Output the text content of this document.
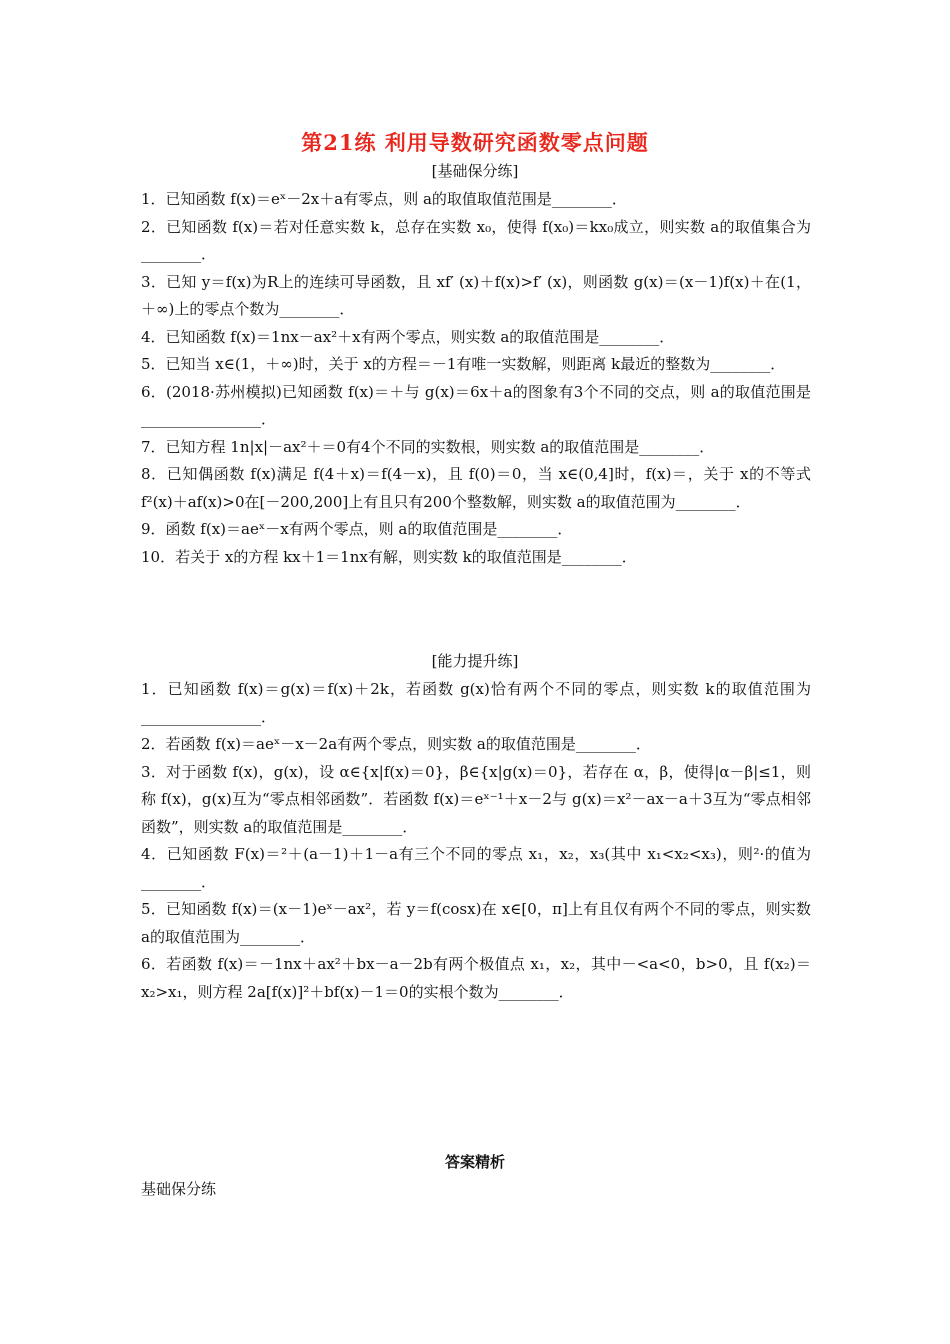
第21练 利用导数研究函数零点问题
[基础保分练]

1．已知函数 f(x)＝eˣ－2x＋a有零点，则 a的取值取值范围是________．

2．已知函数 f(x)＝若对任意实数 k，总存在实数 x₀，使得 f(x₀)＝kx₀成立，则实数 a的取值集合为________．

3．已知 y＝f(x)为R上的连续可导函数，且 xf′ (x)＋f(x)>f′ (x)，则函数 g(x)＝(x－1)f(x)＋在(1，＋∞)上的零点个数为________．

4．已知函数 f(x)＝1nx－ax²＋x有两个零点，则实数 a的取值范围是________．

5．已知当 x∈(1，＋∞)时，关于 x的方程＝－1有唯一实数解，则距离 k最近的整数为________．

6．(2018·苏州模拟)已知函数 f(x)＝＋与 g(x)＝6x＋a的图象有3个不同的交点，则 a的取值范围是________________．

7．已知方程 1n|x|－ax²＋＝0有4个不同的实数根，则实数 a的取值范围是________．

8．已知偶函数 f(x)满足 f(4＋x)＝f(4－x)，且 f(0)＝0，当 x∈(0,4]时，f(x)＝，关于 x的不等式 f²(x)＋af(x)>0在[－200,200]上有且只有200个整数解，则实数 a的取值范围为________．

9．函数 f(x)＝aeˣ－x有两个零点，则 a的取值范围是________．

10．若关于 x的方程 kx＋1＝1nx有解，则实数 k的取值范围是________．

[能力提升练]

1．已知函数 f(x)＝g(x)＝f(x)＋2k，若函数 g(x)恰有两个不同的零点，则实数 k的取值范围为________________．

2．若函数 f(x)＝aeˣ－x－2a有两个零点，则实数 a的取值范围是________．

3．对于函数 f(x)，g(x)，设 α∈{x|f(x)＝0}，β∈{x|g(x)＝0}，若存在 α，β，使得|α－β|≤1，则称 f(x)，g(x)互为“零点相邻函数”．若函数 f(x)＝eˣ⁻¹＋x－2与 g(x)＝x²－ax－a＋3互为“零点相邻函数”，则实数 a的取值范围是________．

4．已知函数 F(x)＝²＋(a－1)＋1－a有三个不同的零点 x₁，x₂，x₃(其中 x₁<x₂<x₃)，则²·的值为________．

5．已知函数 f(x)＝(x－1)eˣ－ax²，若 y＝f(cosx)在 x∈[0，π]上有且仅有两个不同的零点，则实数 a的取值范围为________．

6．若函数 f(x)＝－1nx＋ax²＋bx－a－2b有两个极值点 x₁，x₂，其中－<a<0，b>0，且 f(x₂)＝x₂>x₁，则方程 2a[f(x)]²＋bf(x)－1＝0的实根个数为________．

答案精析
基础保分练
